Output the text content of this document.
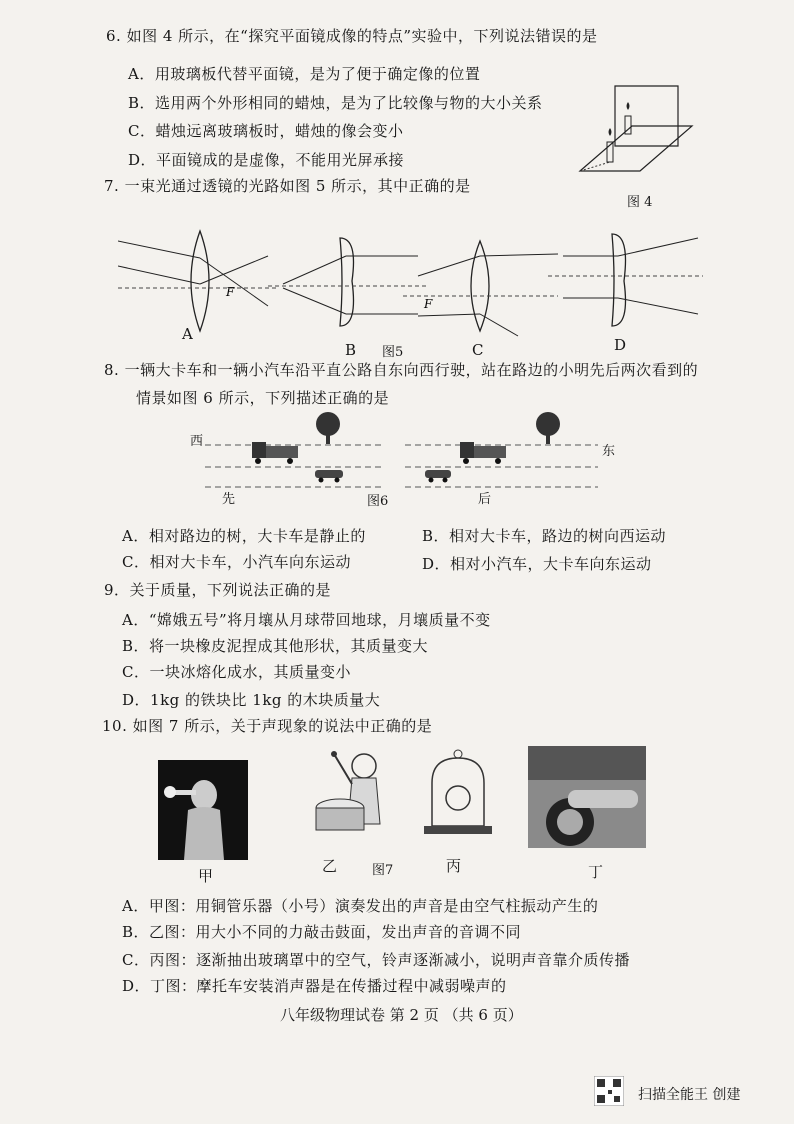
6. 如图 4 所示，在“探究平面镜成像的特点”实验中，下列说法错误的是
A．用玻璃板代替平面镜，是为了便于确定像的位置
B．选用两个外形相同的蜡烛，是为了比较像与物的大小关系
C．蜡烛远离玻璃板时，蜡烛的像会变小
D．平面镜成的是虚像，不能用光屏承接
图 4
7. 一束光通过透镜的光路如图 5 所示，其中正确的是
F
F
A
B 图5	C	D
8. 一辆大卡车和一辆小汽车沿平直公路自东向西行驶，站在路边的小明先后两次看到的
情景如图 6 所示，下列描述正确的是
西
东
先	图6	后
A．相对路边的树，大卡车是静止的	B．相对大卡车，路边的树向西运动
C．相对大卡车，小汽车向东运动	D．相对小汽车，大卡车向东运动
9．关于质量，下列说法正确的是
A．“嫦娥五号”将月壤从月球带回地球，月壤质量不变
B．将一块橡皮泥捏成其他形状，其质量变大
C．一块冰熔化成水，其质量变小
D．1kg 的铁块比 1kg 的木块质量大
10. 如图 7 所示，关于声现象的说法中正确的是
甲
乙	图7	丙	丁
A．甲图：用铜管乐器（小号）演奏发出的声音是由空气柱振动产生的
B．乙图：用大小不同的力敲击鼓面，发出声音的音调不同
C．丙图：逐渐抽出玻璃罩中的空气，铃声逐渐减小，说明声音靠介质传播
D．丁图：摩托车安装消声器是在传播过程中减弱噪声的
八年级物理试卷 第 2 页 （共 6 页）
扫描全能王 创建
